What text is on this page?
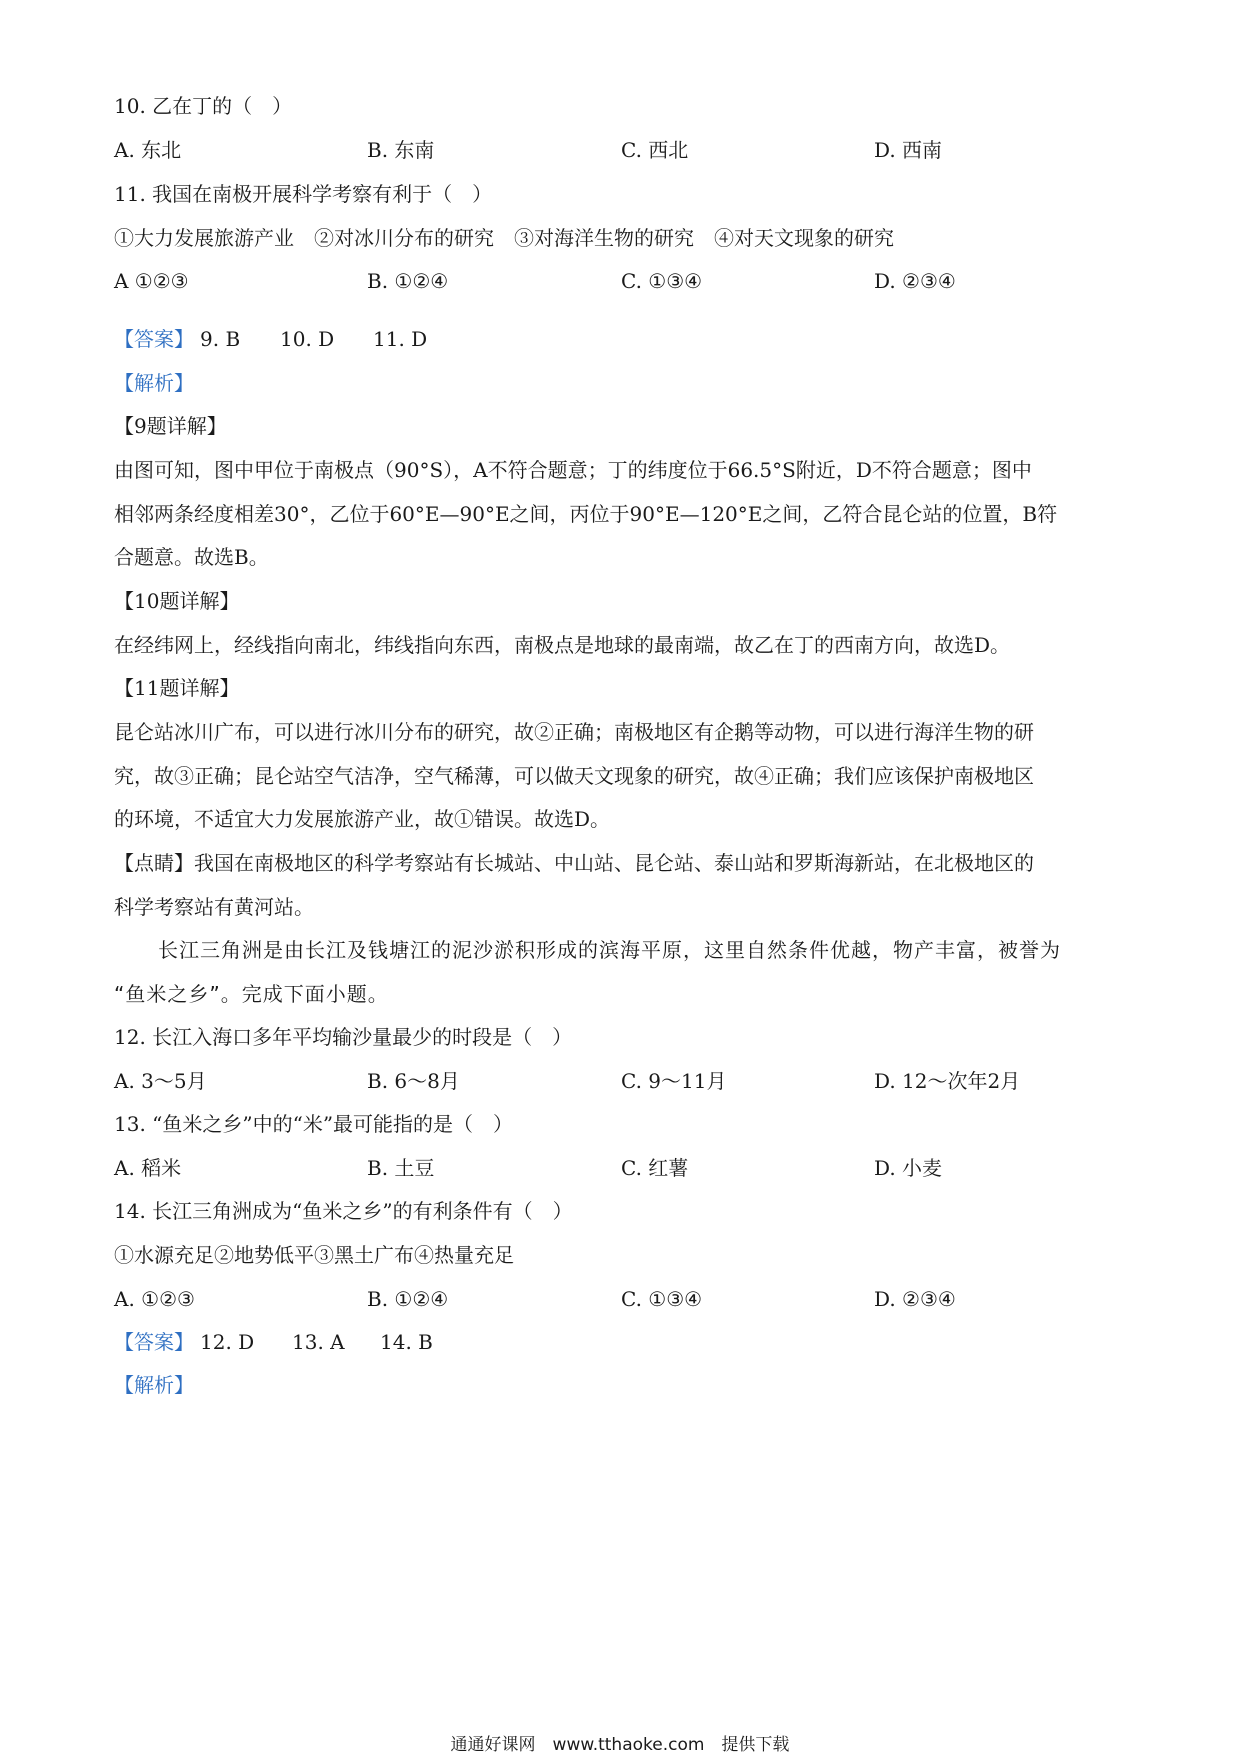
10. 乙在丁的（　）
A. 东北	B. 东南	C. 西北	D. 西南
11. 我国在南极开展科学考察有利于（　）
①大力发展旅游产业　②对冰川分布的研究　③对海洋生物的研究　④对天文现象的研究
A ①②③	B. ①②④	C. ①③④	D. ②③④
【答案】 9. B 10. D 11. D
【解析】
【9题详解】
由图可知，图中甲位于南极点（90°S），A不符合题意；丁的纬度位于66.5°S附近，D不符合题意；图中
相邻两条经度相差30°，乙位于60°E—90°E之间，丙位于90°E—120°E之间，乙符合昆仑站的位置，B符
合题意。故选B。
【10题详解】
在经纬网上，经线指向南北，纬线指向东西，南极点是地球的最南端，故乙在丁的西南方向，故选D。
【11题详解】
昆仑站冰川广布，可以进行冰川分布的研究，故②正确；南极地区有企鹅等动物，可以进行海洋生物的研
究，故③正确；昆仑站空气洁净，空气稀薄，可以做天文现象的研究，故④正确；我们应该保护南极地区
的环境，不适宜大力发展旅游产业，故①错误。故选D。
【点睛】我国在南极地区的科学考察站有长城站、中山站、昆仑站、泰山站和罗斯海新站，在北极地区的
科学考察站有黄河站。
长江三角洲是由长江及钱塘江的泥沙淤积形成的滨海平原，这里自然条件优越，物产丰富，被誉为
“鱼米之乡”。完成下面小题。
12. 长江入海口多年平均输沙量最少的时段是（　）
A. 3～5月	B. 6～8月	C. 9～11月	D. 12～次年2月
13. “鱼米之乡”中的“米”最可能指的是（　）
A. 稻米	B. 土豆	C. 红薯	D. 小麦
14. 长江三角洲成为“鱼米之乡”的有利条件有（　）
①水源充足②地势低平③黑土广布④热量充足
A. ①②③	B. ①②④	C. ①③④	D. ②③④
【答案】 12. D 13. A 14. B
【解析】
通通好课网　www.tthaoke.com　提供下载
